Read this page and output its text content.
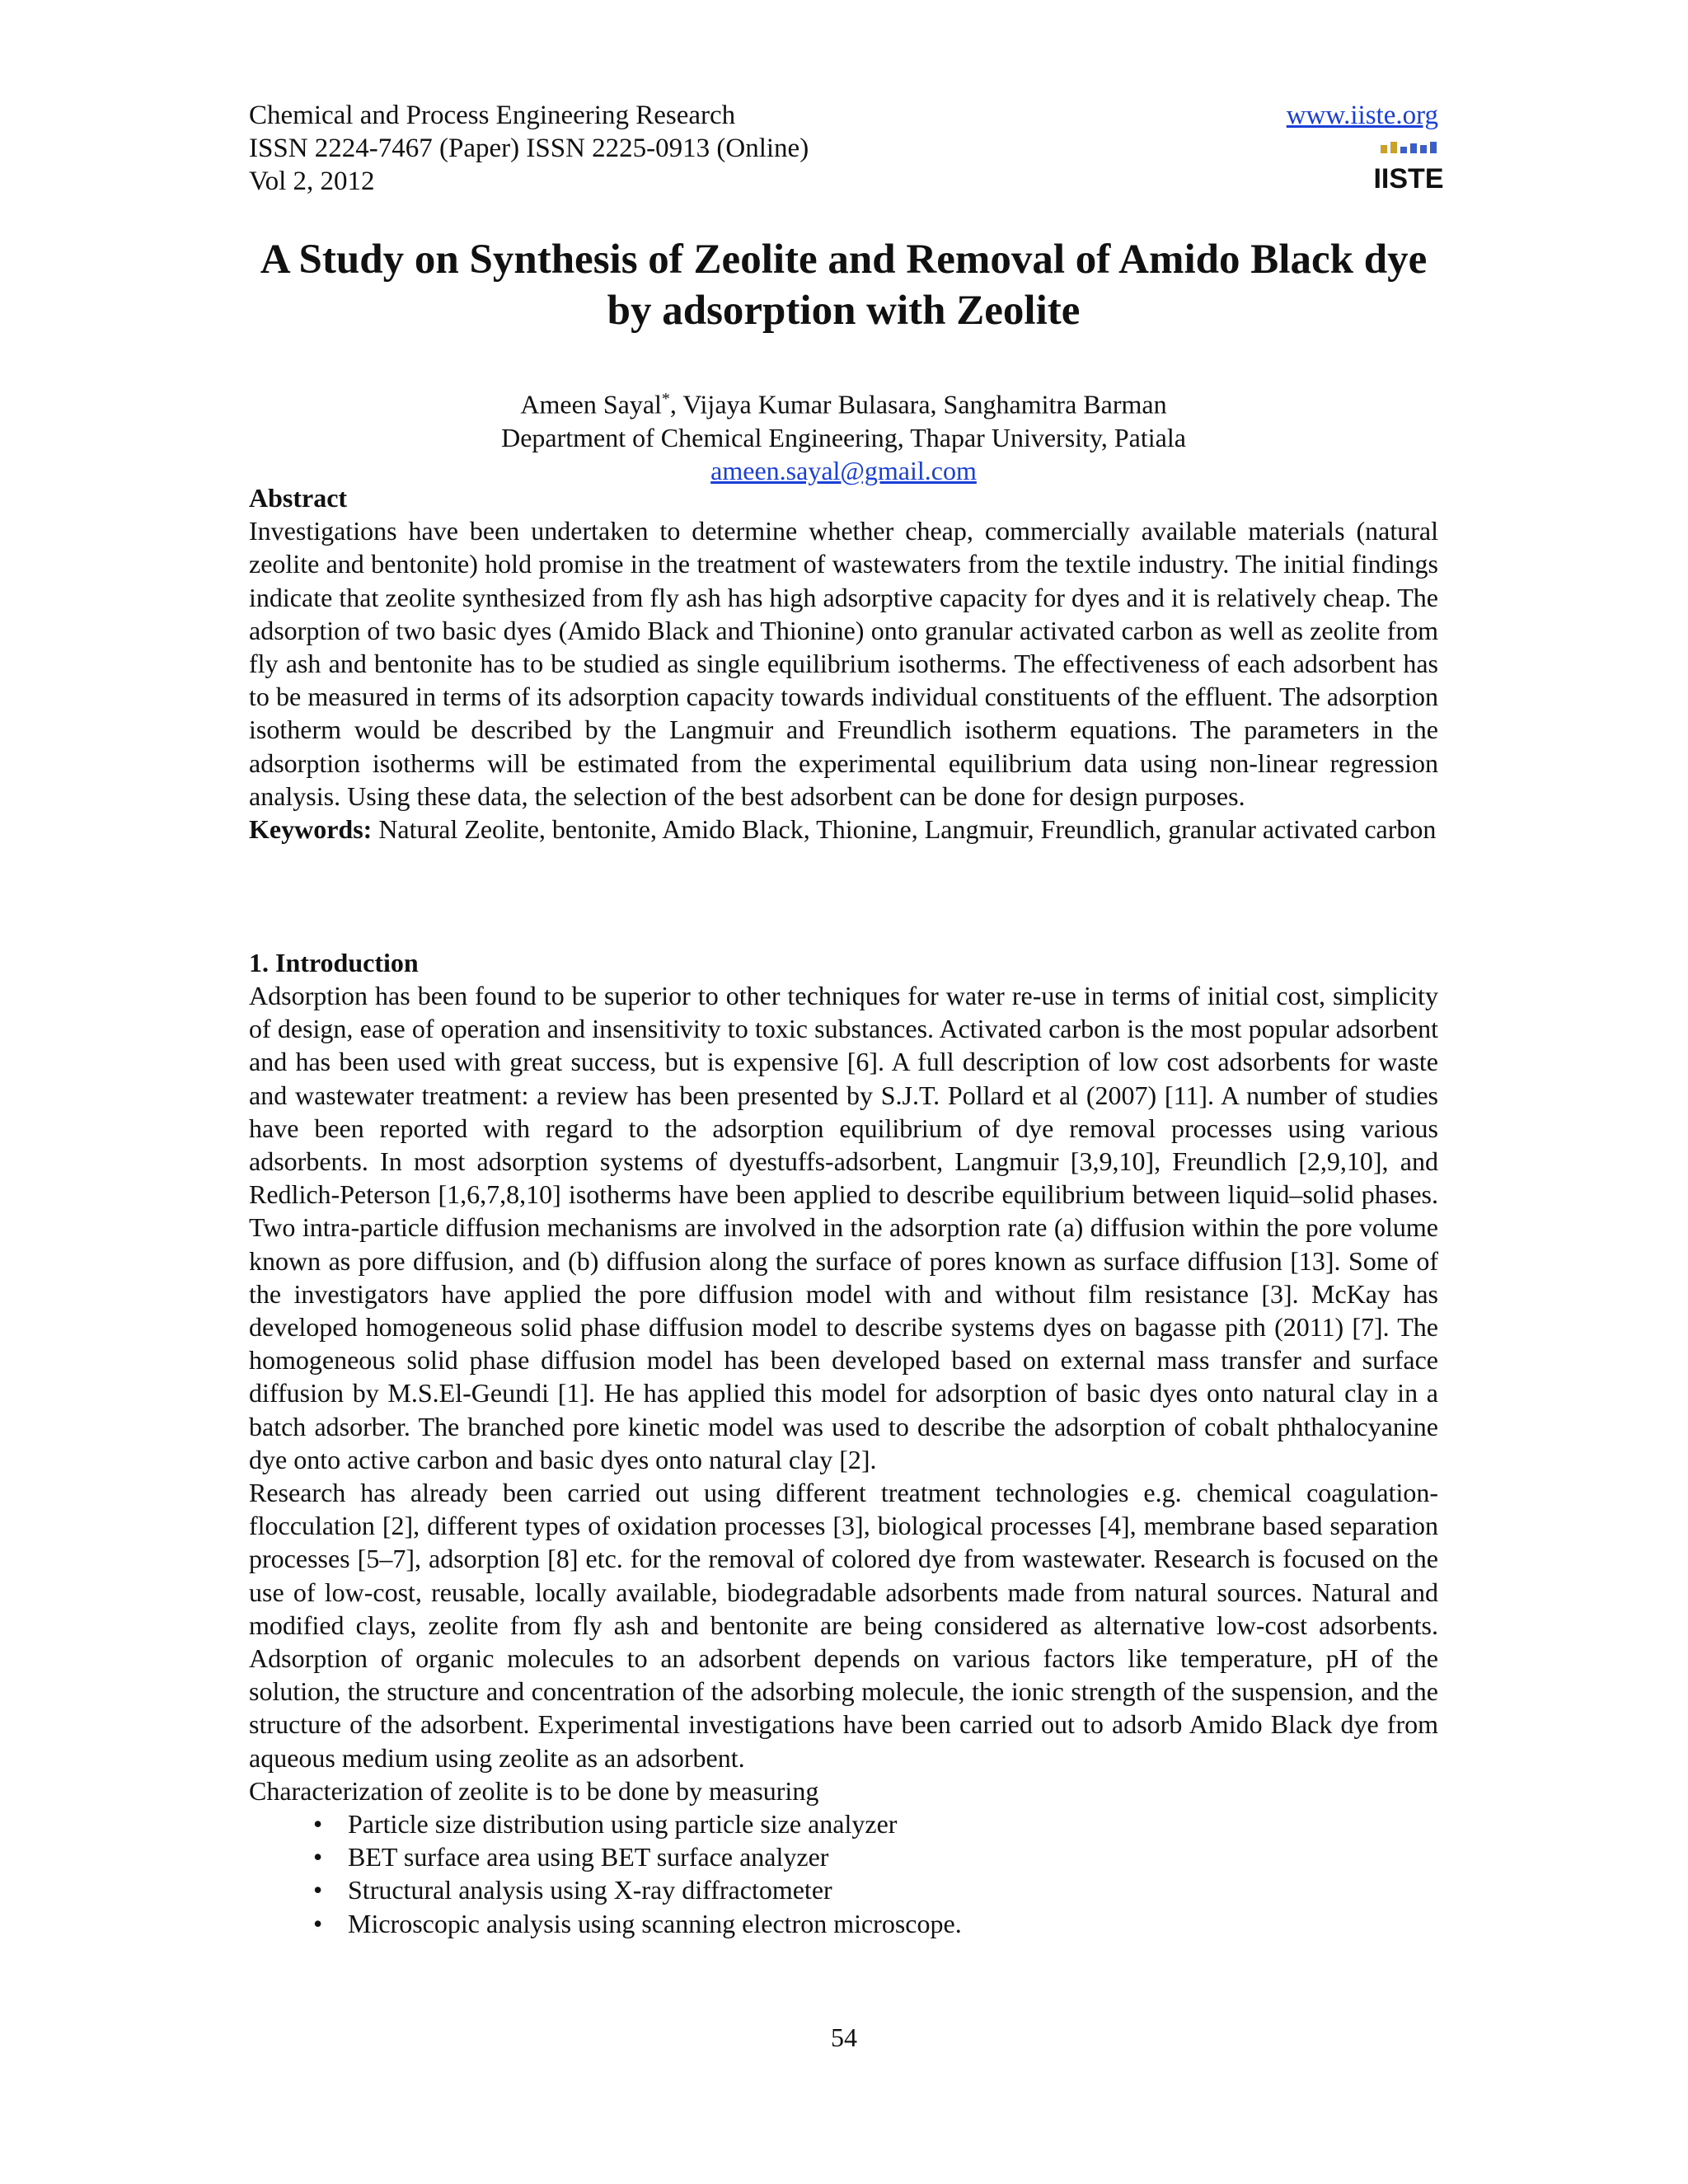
Chemical and Process Engineering Research
ISSN 2224-7467 (Paper) ISSN 2225-0913 (Online)
Vol 2, 2012
www.iiste.org
IISTE
A Study on Synthesis of Zeolite and Removal of Amido Black dye by adsorption with Zeolite
Ameen Sayal*, Vijaya Kumar Bulasara, Sanghamitra Barman
Department of Chemical Engineering, Thapar University, Patiala
ameen.sayal@gmail.com

Abstract

Investigations have been undertaken to determine whether cheap, commercially available materials (natural zeolite and bentonite) hold promise in the treatment of wastewaters from the textile industry. The initial findings indicate that zeolite synthesized from fly ash has high adsorptive capacity for dyes and it is relatively cheap. The adsorption of two basic dyes (Amido Black and Thionine) onto granular activated carbon as well as zeolite from fly ash and bentonite has to be studied as single equilibrium isotherms. The effectiveness of each adsorbent has to be measured in terms of its adsorption capacity towards individual constituents of the effluent. The adsorption isotherm would be described by the Langmuir and Freundlich isotherm equations. The parameters in the adsorption isotherms will be estimated from the experimental equilibrium data using non-linear regression analysis. Using these data, the selection of the best adsorbent can be done for design purposes.

Keywords: Natural Zeolite, bentonite, Amido Black, Thionine, Langmuir, Freundlich, granular activated carbon

1. Introduction

Adsorption has been found to be superior to other techniques for water re-use in terms of initial cost, simplicity of design, ease of operation and insensitivity to toxic substances. Activated carbon is the most popular adsorbent and has been used with great success, but is expensive [6]. A full description of low cost adsorbents for waste and wastewater treatment: a review has been presented by S.J.T. Pollard et al (2007) [11]. A number of studies have been reported with regard to the adsorption equilibrium of dye removal processes using various adsorbents. In most adsorption systems of dyestuffs-adsorbent, Langmuir [3,9,10], Freundlich [2,9,10], and Redlich-Peterson [1,6,7,8,10] isotherms have been applied to describe equilibrium between liquid–solid phases. Two intra-particle diffusion mechanisms are involved in the adsorption rate (a) diffusion within the pore volume known as pore diffusion, and (b) diffusion along the surface of pores known as surface diffusion [13]. Some of the investigators have applied the pore diffusion model with and without film resistance [3]. McKay has developed homogeneous solid phase diffusion model to describe systems dyes on bagasse pith (2011) [7]. The homogeneous solid phase diffusion model has been developed based on external mass transfer and surface diffusion by M.S.El-Geundi [1]. He has applied this model for adsorption of basic dyes onto natural clay in a batch adsorber. The branched pore kinetic model was used to describe the adsorption of cobalt phthalocyanine dye onto active carbon and basic dyes onto natural clay [2].

Research has already been carried out using different treatment technologies e.g. chemical coagulation-flocculation [2], different types of oxidation processes [3], biological processes [4], membrane based separation processes [5–7], adsorption [8] etc. for the removal of colored dye from wastewater. Research is focused on the use of low-cost, reusable, locally available, biodegradable adsorbents made from natural sources. Natural and modified clays, zeolite from fly ash and bentonite are being considered as alternative low-cost adsorbents. Adsorption of organic molecules to an adsorbent depends on various factors like temperature, pH of the solution, the structure and concentration of the adsorbing molecule, the ionic strength of the suspension, and the structure of the adsorbent. Experimental investigations have been carried out to adsorb Amido Black dye from aqueous medium using zeolite as an adsorbent.

Characterization of zeolite is to be done by measuring

• Particle size distribution using particle size analyzer
• BET surface area using BET surface analyzer
• Structural analysis using X-ray diffractometer
• Microscopic analysis using scanning electron microscope.
54
